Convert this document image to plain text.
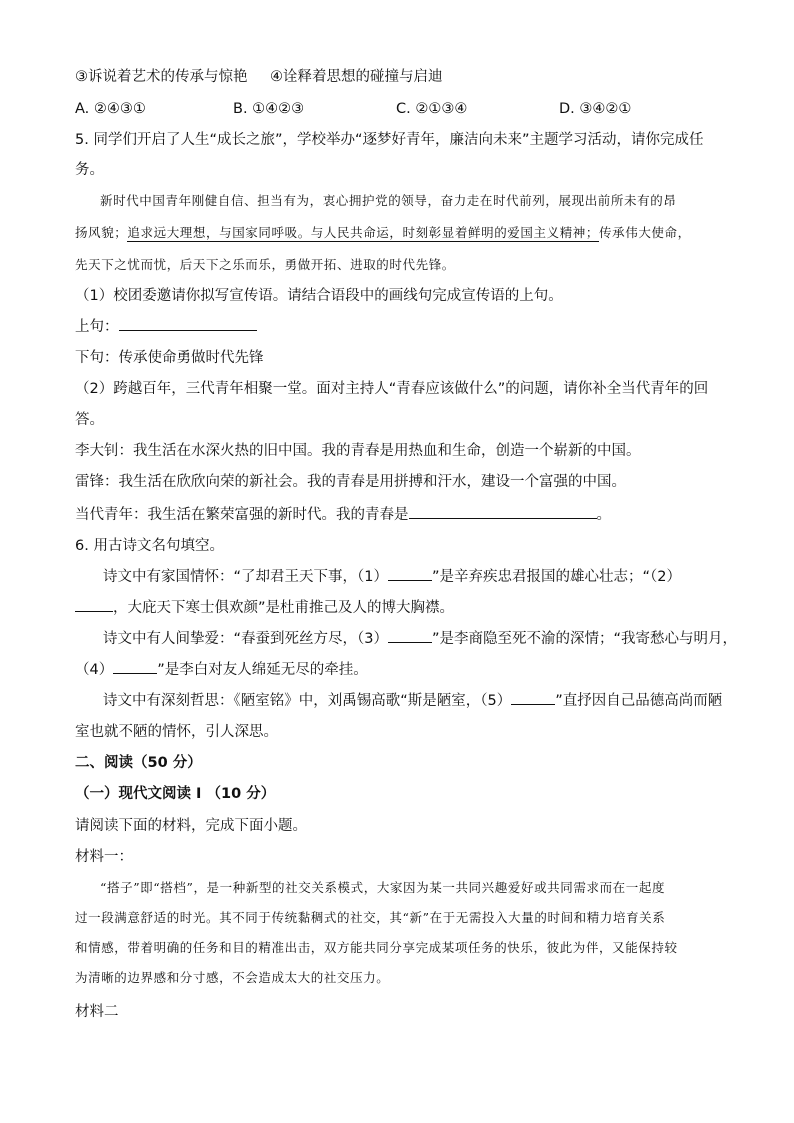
③诉说着艺术的传承与惊艳 ④诠释着思想的碰撞与启迪
A. ②④③①	B. ①④②③	C. ②①③④	D. ③④②①
5. 同学们开启了人生“成长之旅”，学校举办“逐梦好青年，廉洁向未来”主题学习活动，请你完成任
务。
新时代中国青年刚健自信、担当有为，衷心拥护党的领导，奋力走在时代前列，展现出前所未有的昂
扬风貌；追求远大理想，与国家同呼吸。与人民共命运，时刻彰显着鲜明的爱国主义精神；传承伟大使命，
先天下之忧而忧，后天下之乐而乐，勇做开拓、进取的时代先锋。
（1）校团委邀请你拟写宣传语。请结合语段中的画线句完成宣传语的上句。
上句：
下句：传承使命勇做时代先锋
（2）跨越百年，三代青年相聚一堂。面对主持人“青春应该做什么”的问题，请你补全当代青年的回
答。
李大钊：我生活在水深火热的旧中国。我的青春是用热血和生命，创造一个崭新的中国。
雷锋：我生活在欣欣向荣的新社会。我的青春是用拼搏和汗水，建设一个富强的中国。
当代青年：我生活在繁荣富强的新时代。我的青春是	。
6. 用古诗文名句填空。
诗文中有家国情怀：“了却君王天下事，（1）	”是辛弃疾忠君报国的雄心壮志；“（2）
，大庇天下寒士俱欢颜”是杜甫推己及人的博大胸襟。
诗文中有人间挚爱：“春蚕到死丝方尽，（3）	”是李商隐至死不渝的深情；“我寄愁心与明月，
（4）	”是李白对友人绵延无尽的牵挂。
诗文中有深刻哲思：《陋室铭》中，刘禹锡高歌“斯是陋室，（5）	”直抒因自己品德高尚而陋
室也就不陋的情怀，引人深思。
二、阅读（50 分）
（一）现代文阅读 I （10 分）
请阅读下面的材料，完成下面小题。
材料一：
“搭子”即“搭档”，是一种新型的社交关系模式，大家因为某一共同兴趣爱好或共同需求而在一起度
过一段满意舒适的时光。其不同于传统黏稠式的社交，其“新”在于无需投入大量的时间和精力培育关系
和情感，带着明确的任务和目的精准出击，双方能共同分享完成某项任务的快乐，彼此为伴，又能保持较
为清晰的边界感和分寸感，不会造成太大的社交压力。
材料二
